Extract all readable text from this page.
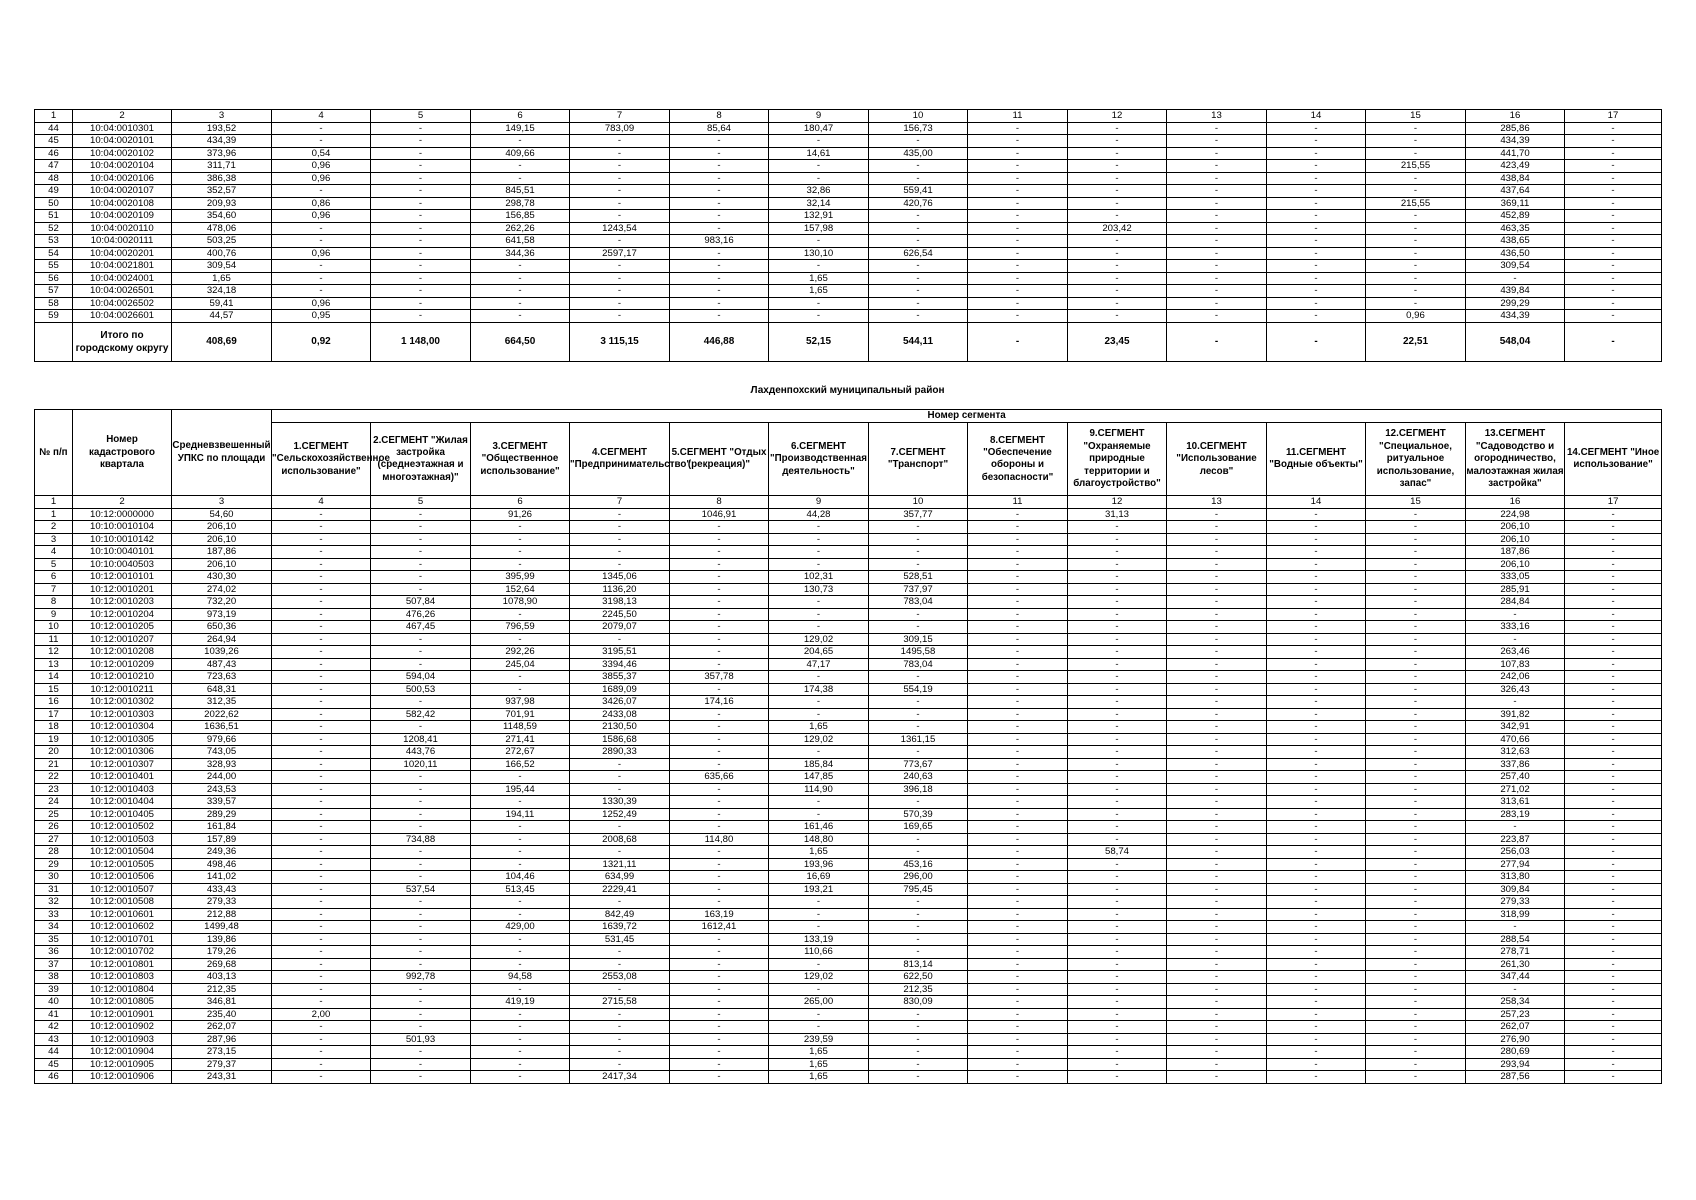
1	2	3	4	5	6	7	8	9	10	11	12	13	14	15	16	17
44	10:04:0010301	193,52	-	-	149,15	783,09	85,64	180,47	156,73	-	-	-	-	-	285,86	-
45	10:04:0020101	434,39	-	-	-	-	-	-	-	-	-	-	-	-	434,39	-
46	10:04:0020102	373,96	0,54	-	409,66	-	-	14,61	435,00	-	-	-	-	-	441,70	-
47	10:04:0020104	311,71	0,96	-	-	-	-	-	-	-	-	-	-	215,55	423,49	-
48	10:04:0020106	386,38	0,96	-	-	-	-	-	-	-	-	-	-	-	438,84	-
49	10:04:0020107	352,57	-	-	845,51	-	-	32,86	559,41	-	-	-	-	-	437,64	-
50	10:04:0020108	209,93	0,86	-	298,78	-	-	32,14	420,76	-	-	-	-	215,55	369,11	-
51	10:04:0020109	354,60	0,96	-	156,85	-	-	132,91	-	-	-	-	-	-	452,89	-
52	10:04:0020110	478,06	-	-	262,26	1243,54	-	157,98	-	-	203,42	-	-	-	463,35	-
53	10:04:0020111	503,25	-	-	641,58	-	983,16	-	-	-	-	-	-	-	438,65	-
54	10:04:0020201	400,76	0,96	-	344,36	2597,17	-	130,10	626,54	-	-	-	-	-	436,50	-
55	10:04:0021801	309,54	-	-	-	-	-	-	-	-	-	-	-	-	309,54	-
56	10:04:0024001	1,65	-	-	-	-	-	1,65	-	-	-	-	-	-	-	-
57	10:04:0026501	324,18	-	-	-	-	-	1,65	-	-	-	-	-	-	439,84	-
58	10:04:0026502	59,41	0,96	-	-	-	-	-	-	-	-	-	-	-	299,29	-
59	10:04:0026601	44,57	0,95	-	-	-	-	-	-	-	-	-	-	0,96	434,39	-
	Итого по городскому округу	408,69	0,92	1 148,00	664,50	3 115,15	446,88	52,15	544,11	-	23,45	-	-	22,51	548,04	-
Лахденпохский муниципальный район
№ п/п	Номер кадастрового квартала	Средневзвешенный УПКС по площади	Номер сегмента													
			1.СЕГМЕНТ "Сельскохозяйственное использование"	2.СЕГМЕНТ "Жилая застройка (среднеэтажная и многоэтажная)"	3.СЕГМЕНТ "Общественное использование"	4.СЕГМЕНТ "Предпринимательство"	5.СЕГМЕНТ "Отдых (рекреация)"	6.СЕГМЕНТ "Производственная деятельность"	7.СЕГМЕНТ "Транспорт"	8.СЕГМЕНТ "Обеспечение обороны и безопасности"	9.СЕГМЕНТ "Охраняемые природные территории и благоустройство"	10.СЕГМЕНТ "Использование лесов"	11.СЕГМЕНТ "Водные объекты"	12.СЕГМЕНТ "Специальное, ритуальное использование, запас"	13.СЕГМЕНТ "Садоводство и огородничество, малоэтажная жилая застройка"	14.СЕГМЕНТ "Иное использование"
1	2	3	4	5	6	7	8	9	10	11	12	13	14	15	16	17
1	10:12:0000000	54,60	-	-	91,26	-	1046,91	44,28	357,77	-	31,13	-	-	-	224,98	-
2	10:10:0010104	206,10	-	-	-	-	-	-	-	-	-	-	-	-	206,10	-
3	10:10:0010142	206,10	-	-	-	-	-	-	-	-	-	-	-	-	206,10	-
4	10:10:0040101	187,86	-	-	-	-	-	-	-	-	-	-	-	-	187,86	-
5	10:10:0040503	206,10	-	-	-	-	-	-	-	-	-	-	-	-	206,10	-
6	10:12:0010101	430,30	-	-	395,99	1345,06	-	102,31	528,51	-	-	-	-	-	333,05	-
7	10:12:0010201	274,02	-	-	152,64	1136,20	-	130,73	737,97	-	-	-	-	-	285,91	-
8	10:12:0010203	732,20	-	507,84	1078,90	3198,13	-	-	783,04	-	-	-	-	-	284,84	-
9	10:12:0010204	973,19	-	476,26	-	2245,50	-	-	-	-	-	-	-	-	-	-
10	10:12:0010205	650,36	-	467,45	796,59	2079,07	-	-	-	-	-	-	-	-	333,16	-
11	10:12:0010207	264,94	-	-	-	-	-	129,02	309,15	-	-	-	-	-	-	-
12	10:12:0010208	1039,26	-	-	292,26	3195,51	-	204,65	1495,58	-	-	-	-	-	263,46	-
13	10:12:0010209	487,43	-	-	245,04	3394,46	-	47,17	783,04	-	-	-	-	-	107,83	-
14	10:12:0010210	723,63	-	594,04	-	3855,37	357,78	-	-	-	-	-	-	-	242,06	-
15	10:12:0010211	648,31	-	500,53	-	1689,09	-	174,38	554,19	-	-	-	-	-	326,43	-
16	10:12:0010302	312,35	-	-	937,98	3426,07	174,16	-	-	-	-	-	-	-	-	-
17	10:12:0010303	2022,62	-	582,42	701,91	2433,08	-	-	-	-	-	-	-	-	391,82	-
18	10:12:0010304	1636,51	-	-	1148,59	2130,50	-	1,65	-	-	-	-	-	-	342,91	-
19	10:12:0010305	979,66	-	1208,41	271,41	1586,68	-	129,02	1361,15	-	-	-	-	-	470,66	-
20	10:12:0010306	743,05	-	443,76	272,67	2890,33	-	-	-	-	-	-	-	-	312,63	-
21	10:12:0010307	328,93	-	1020,11	166,52	-	-	185,84	773,67	-	-	-	-	-	337,86	-
22	10:12:0010401	244,00	-	-	-	-	635,66	147,85	240,63	-	-	-	-	-	257,40	-
23	10:12:0010403	243,53	-	-	195,44	-	-	114,90	396,18	-	-	-	-	-	271,02	-
24	10:12:0010404	339,57	-	-	-	1330,39	-	-	-	-	-	-	-	-	313,61	-
25	10:12:0010405	289,29	-	-	194,11	1252,49	-	-	570,39	-	-	-	-	-	283,19	-
26	10:12:0010502	161,84	-	-	-	-	-	161,46	169,65	-	-	-	-	-	-	-
27	10:12:0010503	157,89	-	734,88	-	2008,68	114,80	148,80	-	-	-	-	-	-	223,87	-
28	10:12:0010504	249,36	-	-	-	-	-	1,65	-	-	58,74	-	-	-	256,03	-
29	10:12:0010505	498,46	-	-	-	1321,11	-	193,96	453,16	-	-	-	-	-	277,94	-
30	10:12:0010506	141,02	-	-	104,46	634,99	-	16,69	296,00	-	-	-	-	-	313,80	-
31	10:12:0010507	433,43	-	537,54	513,45	2229,41	-	193,21	795,45	-	-	-	-	-	309,84	-
32	10:12:0010508	279,33	-	-	-	-	-	-	-	-	-	-	-	-	279,33	-
33	10:12:0010601	212,88	-	-	-	842,49	163,19	-	-	-	-	-	-	-	318,99	-
34	10:12:0010602	1499,48	-	-	429,00	1639,72	1612,41	-	-	-	-	-	-	-	-	-
35	10:12:0010701	139,86	-	-	-	531,45	-	133,19	-	-	-	-	-	-	288,54	-
36	10:12:0010702	179,26	-	-	-	-	-	110,66	-	-	-	-	-	-	278,71	-
37	10:12:0010801	269,68	-	-	-	-	-	-	813,14	-	-	-	-	-	261,30	-
38	10:12:0010803	403,13	-	992,78	94,58	2553,08	-	129,02	622,50	-	-	-	-	-	347,44	-
39	10:12:0010804	212,35	-	-	-	-	-	-	212,35	-	-	-	-	-	-	-
40	10:12:0010805	346,81	-	-	419,19	2715,58	-	265,00	830,09	-	-	-	-	-	258,34	-
41	10:12:0010901	235,40	2,00	-	-	-	-	-	-	-	-	-	-	-	257,23	-
42	10:12:0010902	262,07	-	-	-	-	-	-	-	-	-	-	-	-	262,07	-
43	10:12:0010903	287,96	-	501,93	-	-	-	239,59	-	-	-	-	-	-	276,90	-
44	10:12:0010904	273,15	-	-	-	-	-	1,65	-	-	-	-	-	-	280,69	-
45	10:12:0010905	279,37	-	-	-	-	-	1,65	-	-	-	-	-	-	293,94	-
46	10:12:0010906	243,31	-	-	-	2417,34	-	1,65	-	-	-	-	-	-	287,56	-
